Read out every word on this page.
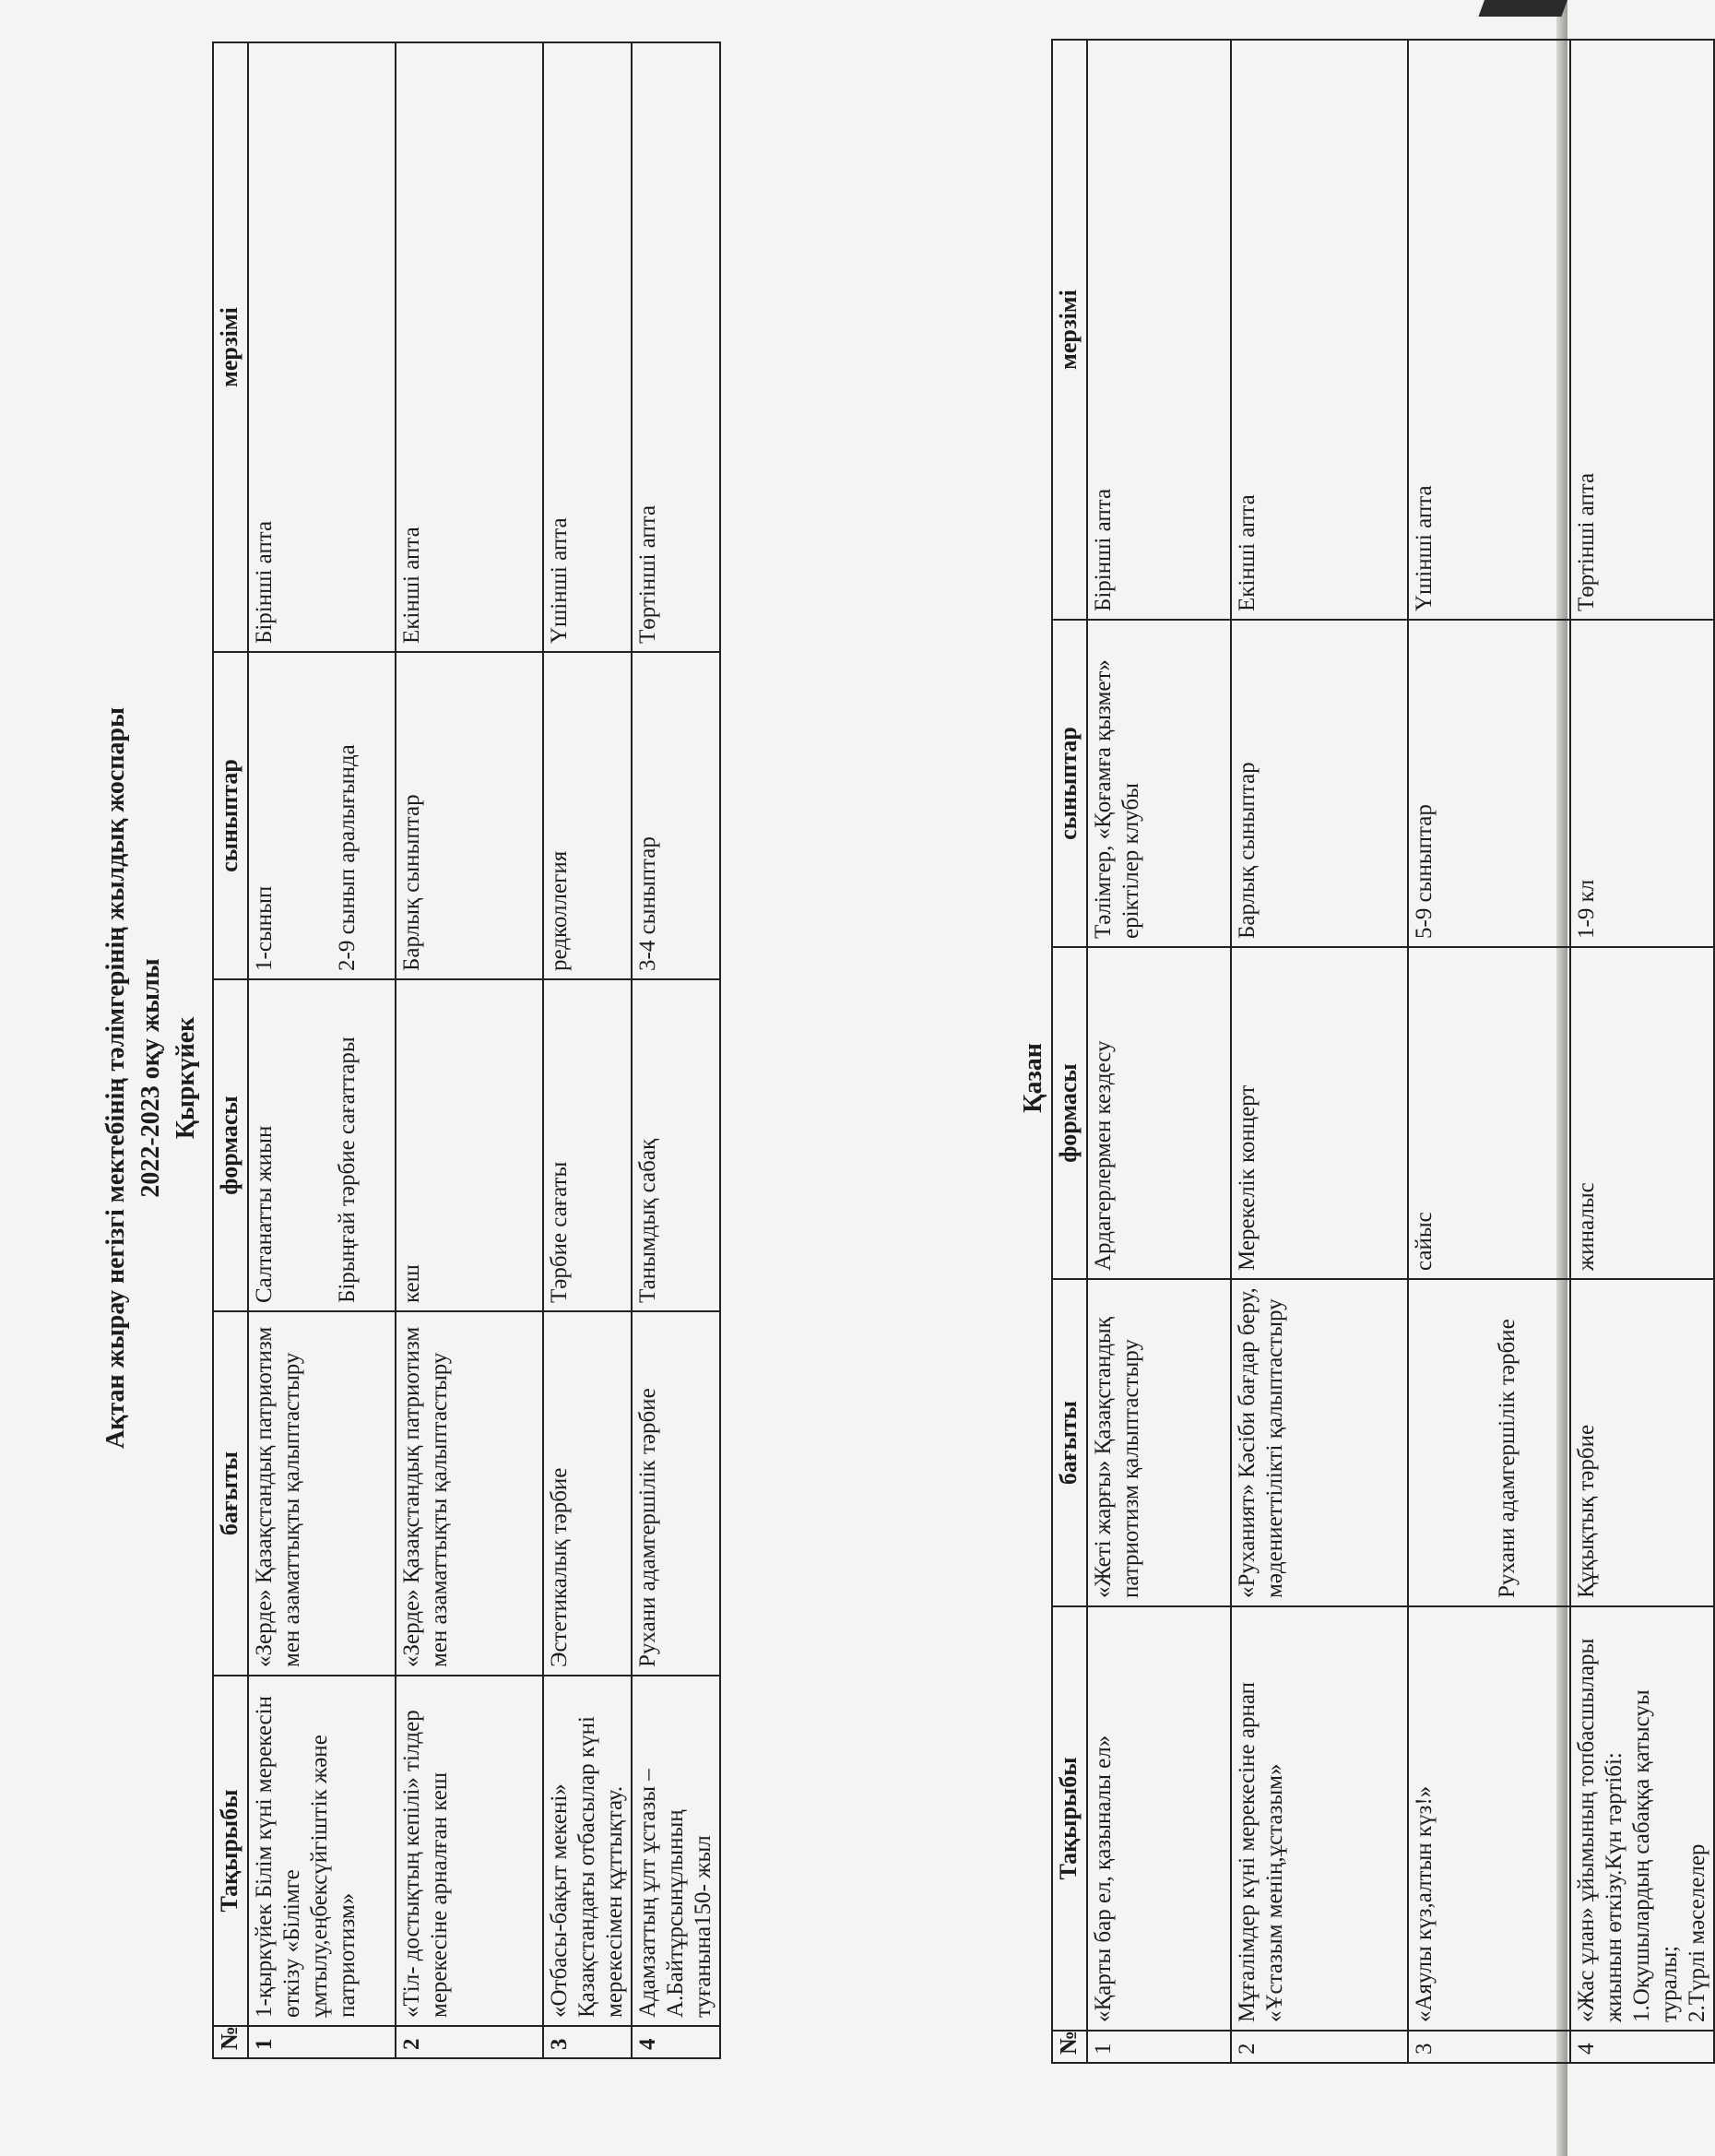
Ақтан жырау негізгі мектебінің тәлімгерінің жылдық жоспары 2022-2023 оқу жылы Қыркүйек
№	Тақырыбы	бағыты	формасы	сыныптар	мерзімі
1	1-қыркүйек Білім күні мерекесін өткізу «Білімге ұмтылу,еңбексүйгіштік және патриотизм»	«Зерде» Қазақстандық патриотизм мен азаматтықты қалыптастыру	Салтанатты жиын Бірыңғай тәрбие сағаттары	1-сынып 2-9 сынып аралығында	Бірінші апта
2	«Тіл- достықтың кепілі» тілдер мерекесіне арналған кеш	«Зерде» Қазақстандық патриотизм мен азаматтықты қалыптастыру	кеш	Барлық сыныптар	Екінші апта
3	«Отбасы-бақыт мекені» Қазақстандағы отбасылар күні мерекесімен құттықтау.	Эстетикалық тәрбие	Тәрбие сағаты	редколлегия	Үшінші апта
4	Адамзаттың ұлт ұстазы – А.Байтұрсынұлының туғанына150- жыл	Рухани адамгершілік тәрбие	Танымдық сабақ	3-4 сыныптар	Төртінші апта
Қазан
№	Тақырыбы	бағыты	формасы	сыныптар	мерзімі
1	«Қарты бар ел, қазыналы ел»	«Жеті жарғы» Қазақстандық патриотизм қалыптастыру	Ардагерлермен кездесу	Тәлімгер, «Қоғамға қызмет» еріктілер клубы	Бірінші апта
2	Мұғалімдер күні мерекесіне арнап «Ұстазым менің,ұстазым»	«Руханият» Кәсіби бағдар беру, мәдениеттілікті қалыптастыру	Мерекелік концерт	Барлық сыныптар	Екінші апта
3	«Аяулы күз,алтын күз!»	Рухани адамгершілік тәрбие	сайыс	5-9 сыныптар	Үшінші апта
4	«Жас ұлан» ұйымының топбасшылары жиынын өткізу.Күн тәртібі: 1.Оқушылардың сабаққа қатысуы туралы; 2.Түрлі мәселелер	Құқықтық тәрбие	жиналыс	1-9 кл	Төртінші апта
